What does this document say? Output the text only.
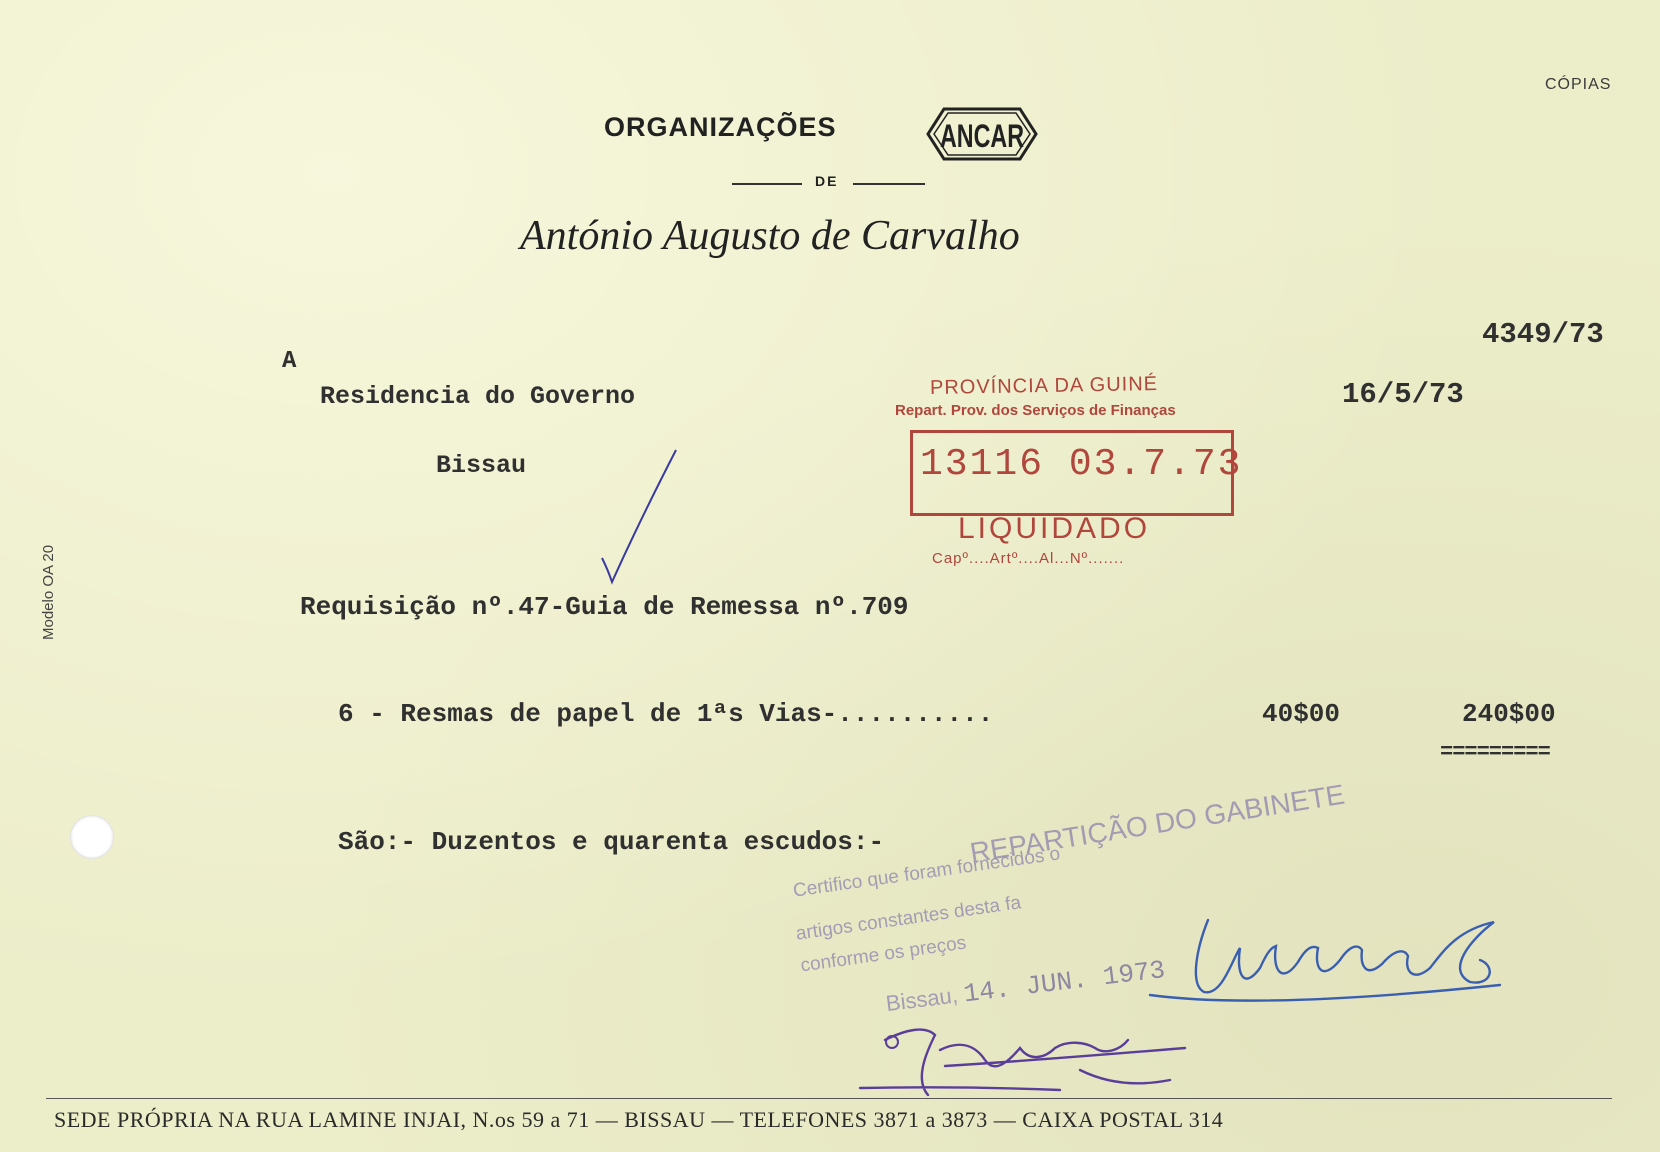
CÓPIAS
ORGANIZAÇÕES	ANCAR
DE
António Augusto de Carvalho
Modelo OA 20
4349/73
16/5/73
A
Residencia do Governo
Bissau
Requisição nº.47-Guia de Remessa nº.709
6 - Resmas de papel de 1ªs Vias-..........	40$00	240$00
=========
São:- Duzentos e quarenta escudos:-
PROVÍNCIA DA GUINÉ
Repart. Prov. dos Serviços de Finanças
13116 03.7.73
LIQUIDADO
Capº....Artº....Al...Nº.......
REPARTIÇÃO DO GABINETE
Certifico que foram fornecidos o
artigos constantes desta fa
conforme os preços
Bissau, 14. JUN. 1973
SEDE PRÓPRIA NA RUA LAMINE INJAI, N.os 59 a 71 — BISSAU — TELEFONES 3871 a 3873 — CAIXA POSTAL 314
